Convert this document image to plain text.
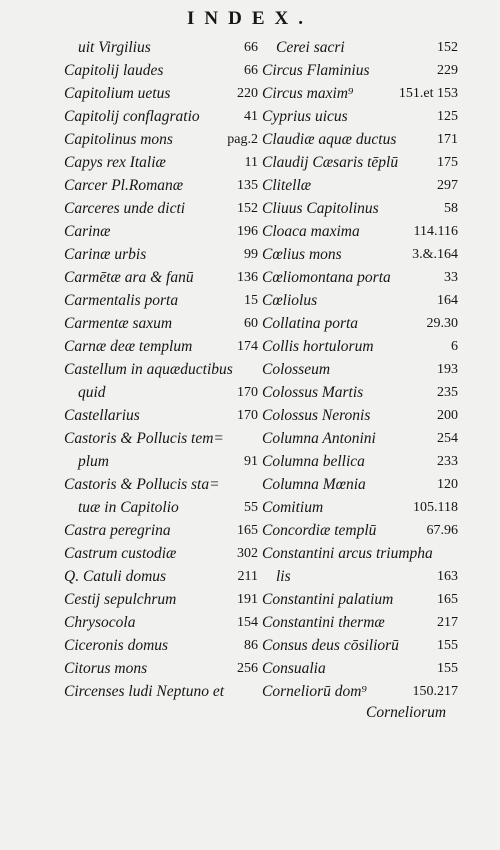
INDEX.
uit Virgilius	66
Capitolij laudes	66
Capitolium uetus	220
Capitolij conflagratio	41
Capitolinus mons	pag.2
Capys rex Italiæ	11
Carcer Pl.Romanæ	135
Carceres unde dicti	152
Carinæ	196
Carinæ urbis	99
Carmētæ ara & fanū	136
Carmentalis porta	15
Carmentæ saxum	60
Carnæ deæ templum	174
Castellum in aquæductibus
quid	170
Castellarius	170
Castoris & Pollucis tem=
plum	91
Castoris & Pollucis sta=
tuæ in Capitolio	55
Castra peregrina	165
Castrum custodiæ	302
Q. Catuli domus	211
Cestij sepulchrum	191
Chrysocola	154
Ciceronis domus	86
Citorus mons	256
Circenses ludi Neptuno et
Cerei sacri	152
Circus Flaminius	229
Circus maxim⁹	151.et 153
Cyprius uicus	125
Claudiæ aquæ ductus	171
Claudij Cæsaris tēplū	175
Clitellæ	297
Cliuus Capitolinus	58
Cloaca maxima	114.116
Cœlius mons	3.&.164
Cœliomontana porta	33
Cœliolus	164
Collatina porta	29.30
Collis hortulorum	6
Colosseum	193
Colossus Martis	235
Colossus Neronis	200
Columna Antonini	254
Columna bellica	233
Columna Mœnia	120
Comitium	105.118
Concordiæ templū	67.96
Constantini arcus triumpha
lis	163
Constantini palatium	165
Constantini thermæ	217
Consus deus cōsiliorū	155
Consualia	155
Corneliorū dom⁹	150.217
Corneliorum
